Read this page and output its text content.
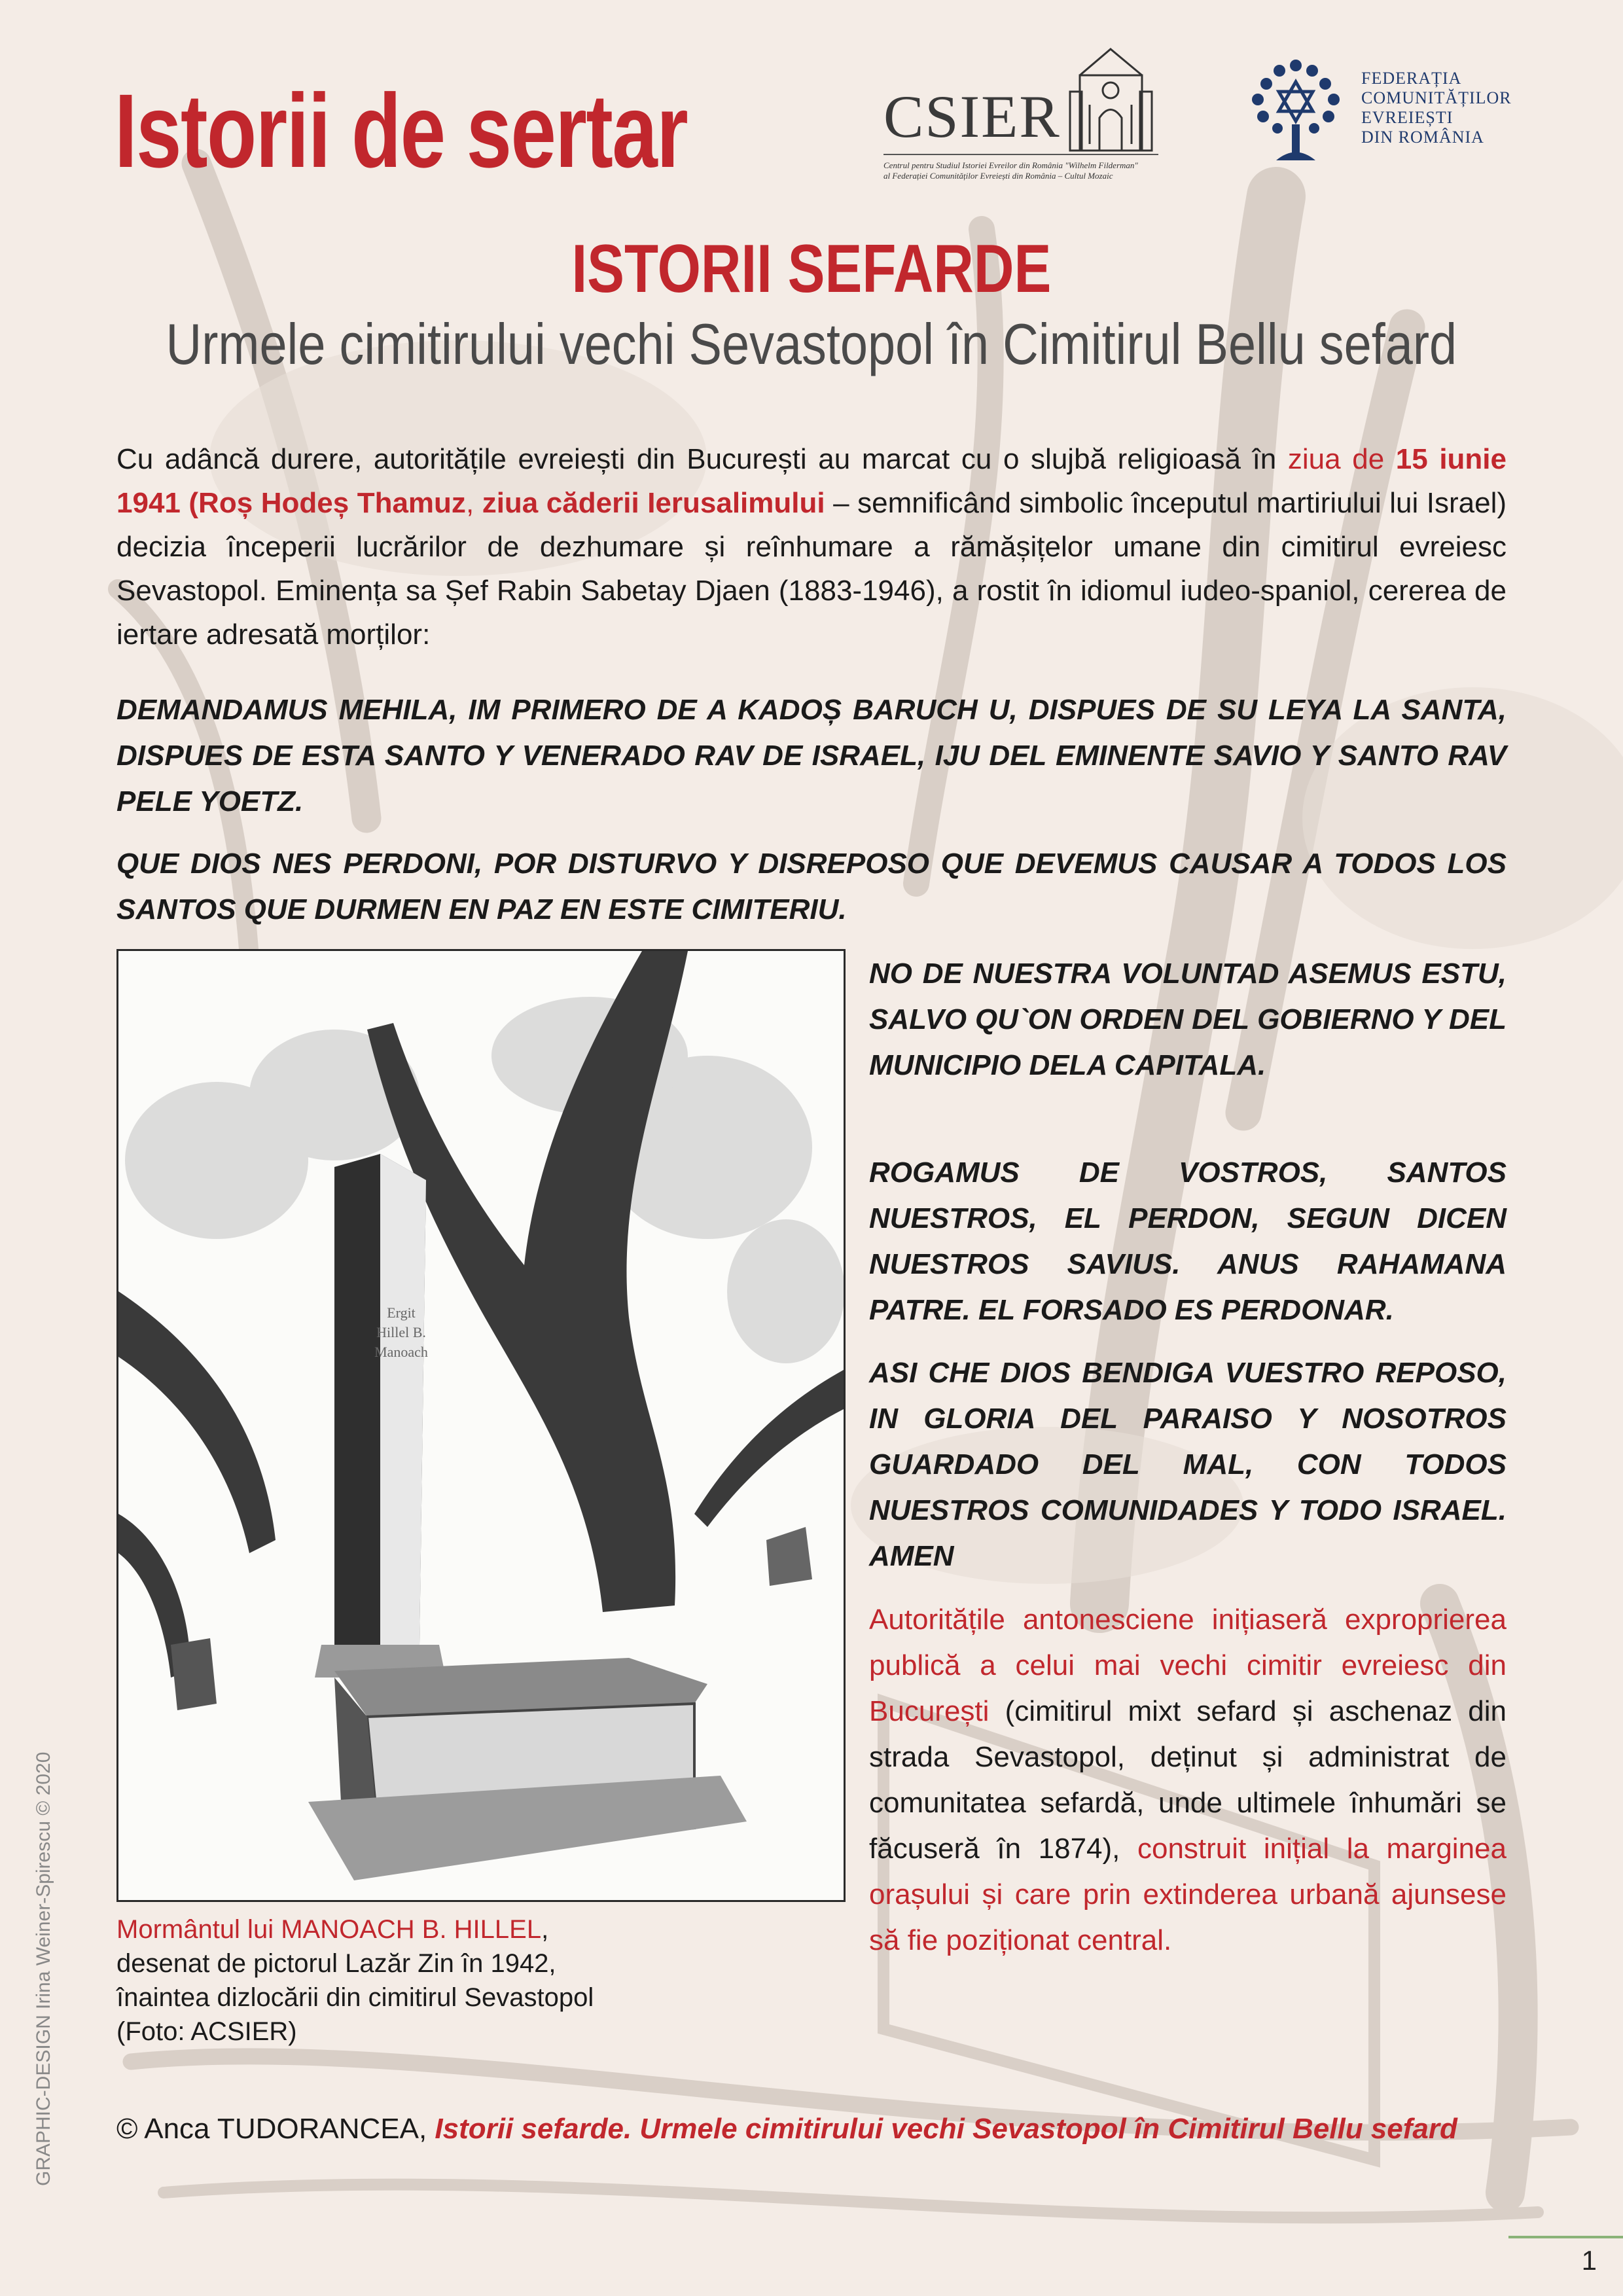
Istorii de sertar	CSIER
Centrul pentru Studiul Istoriei Evreilor din România "Wilhelm Filderman"
al Federației Comunităților Evreiești din România – Cultul Mozaic
FEDERAȚIA
COMUNITĂȚILOR
EVREIEȘTI
DIN ROMÂNIA
ISTORII SEFARDE
Urmele cimitirului vechi Sevastopol în Cimitirul Bellu sefard
Cu adâncă durere, autoritățile evreiești din București au marcat cu o slujbă religioasă în ziua de 15 iunie 1941 (Roș Hodeș Thamuz, ziua căderii Ierusalimului – semnificând simbolic începutul martiriului lui Israel) decizia începerii lucrărilor de dezhumare și reînhumare a rămășițelor umane din cimitirul evreiesc Sevastopol. Eminența sa Șef Rabin Sabetay Djaen (1883-1946), a rostit în idiomul iudeo-spaniol, cererea de iertare adresată morților:
DEMANDAMUS MEHILA, IM PRIMERO DE A KADOȘ BARUCH U, DISPUES DE SU LEYA LA SANTA, DISPUES DE ESTA SANTO Y VENERADO RAV DE ISRAEL, IJU DEL EMINENTE SAVIO Y SANTO RAV PELE YOETZ.
QUE DIOS NES PERDONI, POR DISTURVO Y DISREPOSO QUE DEVEMUS CAUSAR A TODOS LOS SANTOS QUE DURMEN EN PAZ EN ESTE CIMITERIU.
Ergit
Hillel B.
Manoach
NO DE NUESTRA VOLUNTAD ASEMUS ESTU, SALVO QU`ON ORDEN DEL GOBIERNO Y DEL MUNICIPIO DELA CAPITALA.
ROGAMUS DE VOSTROS, SANTOS NUESTROS, EL PERDON, SEGUN DICEN NUESTROS SAVIUS. ANUS RAHAMANA PATRE. EL FORSADO ES PERDONAR.
ASI CHE DIOS BENDIGA VUESTRO REPOSO, IN GLORIA DEL PARAISO Y NOSOTROS GUARDADO DEL MAL, CON TODOS NUESTROS COMUNIDADES Y TODO ISRAEL. AMEN
Autoritățile antonesciene inițiaseră exproprierea publică a celui mai vechi cimitir evreiesc din București (cimitirul mixt sefard și aschenaz din strada Sevastopol, deținut și administrat de comunitatea sefardă, unde ultimele înhumări se făcuseră în 1874), construit inițial la marginea orașului și care prin extinderea urbană ajunsese să fie poziționat central.
Mormântul lui MANOACH B. HILLEL,
desenat de pictorul Lazăr Zin în 1942,
înaintea dizlocării din cimitirul Sevastopol
(Foto: ACSIER)
© Anca TUDORANCEA, Istorii sefarde. Urmele cimitirului vechi Sevastopol în Cimitirul Bellu sefard
GRAPHIC-DESIGN Irina Weiner-Spirescu © 2020
1
